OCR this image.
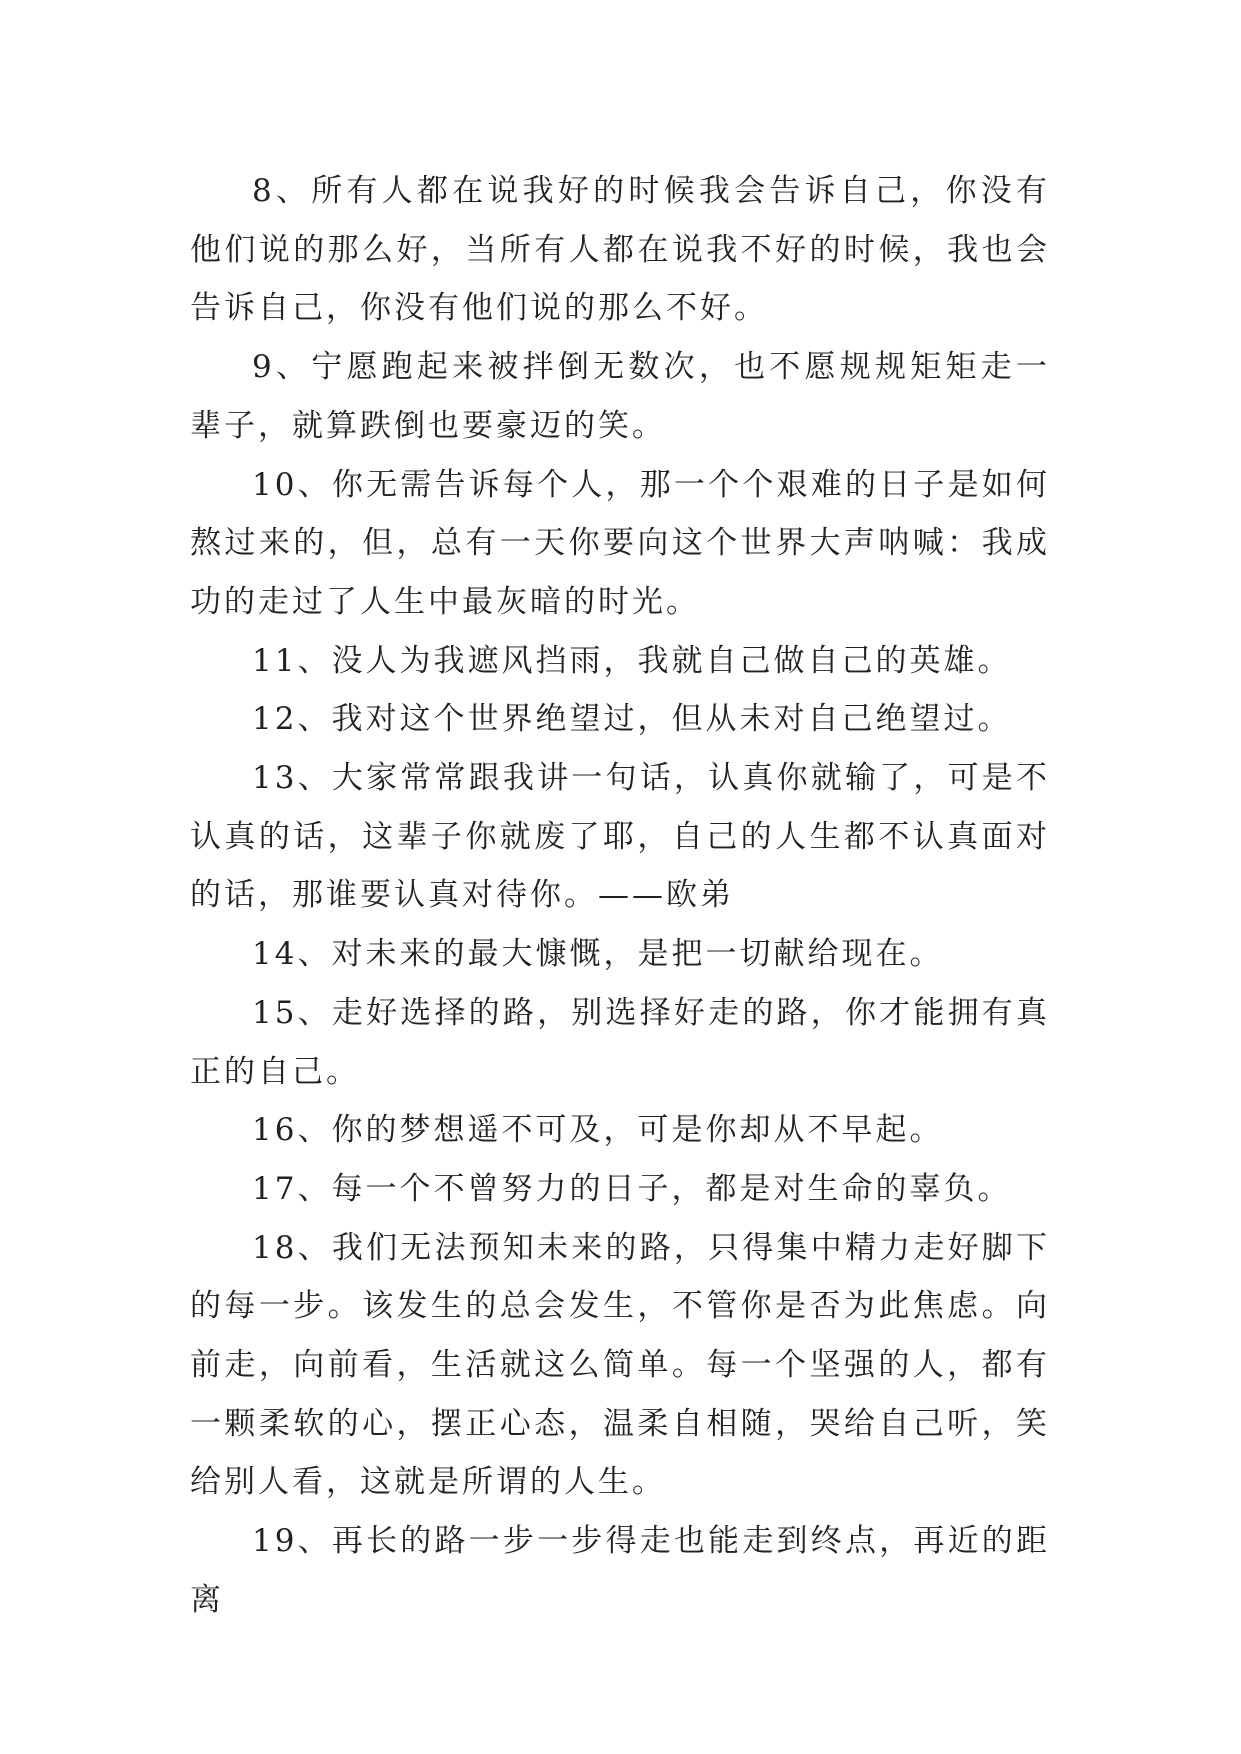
8、所有人都在说我好的时候我会告诉自己，你没有他们说的那么好，当所有人都在说我不好的时候，我也会告诉自己，你没有他们说的那么不好。

9、宁愿跑起来被拌倒无数次，也不愿规规矩矩走一辈子，就算跌倒也要豪迈的笑。

10、你无需告诉每个人，那一个个艰难的日子是如何熬过来的，但，总有一天你要向这个世界大声呐喊：我成功的走过了人生中最灰暗的时光。

11、没人为我遮风挡雨，我就自己做自己的英雄。

12、我对这个世界绝望过，但从未对自己绝望过。

13、大家常常跟我讲一句话，认真你就输了，可是不认真的话，这辈子你就废了耶，自己的人生都不认真面对的话，那谁要认真对待你。——欧弟

14、对未来的最大慷慨，是把一切献给现在。

15、走好选择的路，别选择好走的路，你才能拥有真正的自己。

16、你的梦想遥不可及，可是你却从不早起。

17、每一个不曾努力的日子，都是对生命的辜负。

18、我们无法预知未来的路，只得集中精力走好脚下的每一步。该发生的总会发生，不管你是否为此焦虑。向前走，向前看，生活就这么简单。每一个坚强的人，都有一颗柔软的心，摆正心态，温柔自相随，哭给自己听，笑给别人看，这就是所谓的人生。

19、再长的路一步一步得走也能走到终点，再近的距离
